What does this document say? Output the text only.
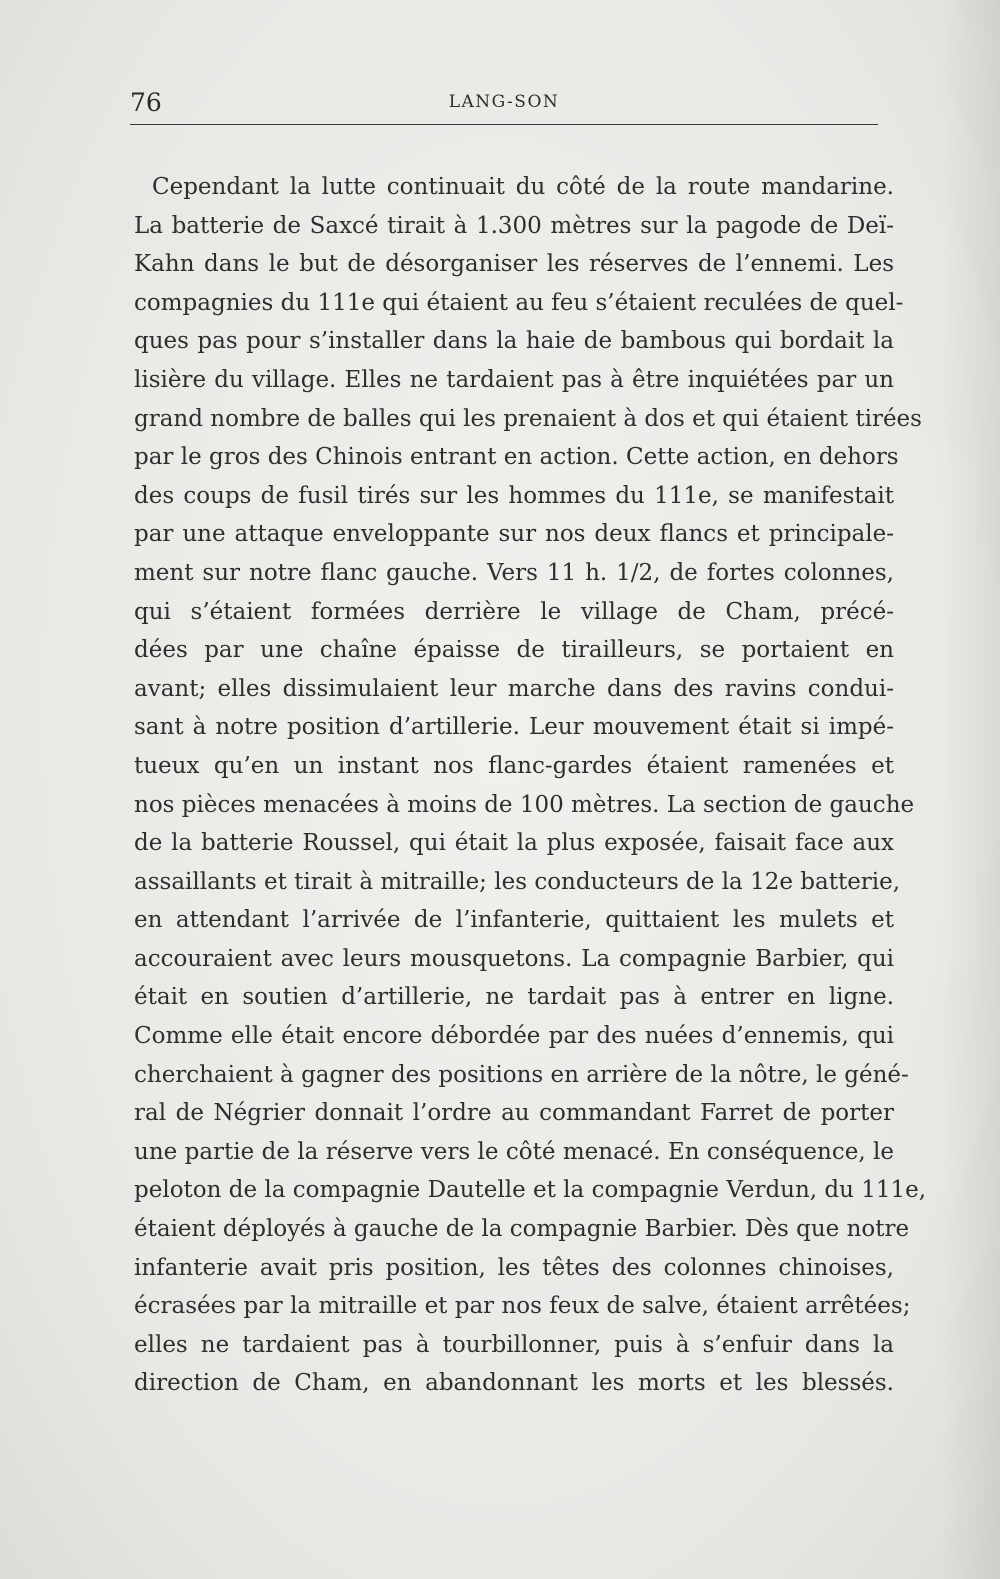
76	LANG-SON
Cependant la lutte continuait du côté de la route mandarine.
La batterie de Saxcé tirait à 1.300 mètres sur la pagode de Deï-
Kahn dans le but de désorganiser les réserves de l’ennemi. Les
compagnies du 111e qui étaient au feu s’étaient reculées de quel-
ques pas pour s’installer dans la haie de bambous qui bordait la
lisière du village. Elles ne tardaient pas à être inquiétées par un
grand nombre de balles qui les prenaient à dos et qui étaient tirées
par le gros des Chinois entrant en action. Cette action, en dehors
des coups de fusil tirés sur les hommes du 111e, se manifestait
par une attaque enveloppante sur nos deux flancs et principale-
ment sur notre flanc gauche. Vers 11 h. 1/2, de fortes colonnes,
qui s’étaient formées derrière le village de Cham, précé-
dées par une chaîne épaisse de tirailleurs, se portaient en
avant; elles dissimulaient leur marche dans des ravins condui-
sant à notre position d’artillerie. Leur mouvement était si impé-
tueux qu’en un instant nos flanc-gardes étaient ramenées et
nos pièces menacées à moins de 100 mètres. La section de gauche
de la batterie Roussel, qui était la plus exposée, faisait face aux
assaillants et tirait à mitraille; les conducteurs de la 12e batterie,
en attendant l’arrivée de l’infanterie, quittaient les mulets et
accouraient avec leurs mousquetons. La compagnie Barbier, qui
était en soutien d’artillerie, ne tardait pas à entrer en ligne.
Comme elle était encore débordée par des nuées d’ennemis, qui
cherchaient à gagner des positions en arrière de la nôtre, le géné-
ral de Négrier donnait l’ordre au commandant Farret de porter
une partie de la réserve vers le côté menacé. En conséquence, le
peloton de la compagnie Dautelle et la compagnie Verdun, du 111e,
étaient déployés à gauche de la compagnie Barbier. Dès que notre
infanterie avait pris position, les têtes des colonnes chinoises,
écrasées par la mitraille et par nos feux de salve, étaient arrêtées;
elles ne tardaient pas à tourbillonner, puis à s’enfuir dans la
direction de Cham, en abandonnant les morts et les blessés.
